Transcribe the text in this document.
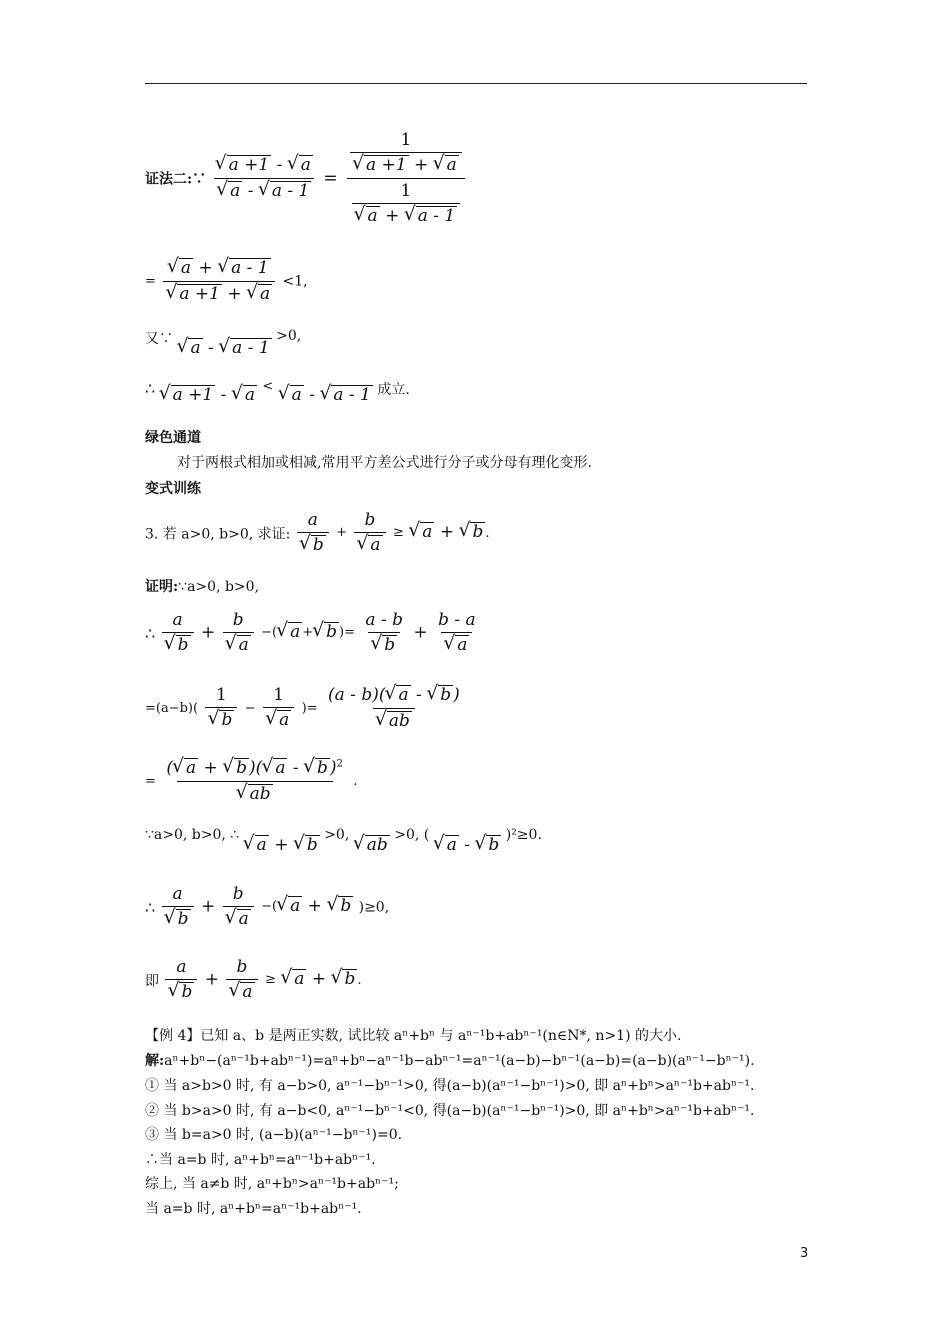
证法二:∵ √ a +1 - √ a
√ a - √ a - 1 = 1
√ a +1 + √ a
1
√ a + √ a - 1
= √ a + √ a - 1
√ a +1 + √ a <1,
又∵ √ a - √ a - 1 >0,
∴ √ a +1 - √ a < √ a - √ a - 1 成立.
绿色通道
对于两根式相加或相减,常用平方差公式进行分子或分母有理化变形.
变式训练
3. 若 a>0, b>0, 求证: a
√ b + b
√ a ≥ √ a + √ b .
证明:∵a>0, b>0,
∴ a
√ b + b
√ a −( √ a + √ b )= a - b
√ b + b - a
√ a
=(a−b)( 1
√ b − 1
√ a )= (a - b)( √ a - √ b )
√ ab
= ( √ a + √ b )( √ a - √ b )$^2$
√ ab .
∵a>0, b>0, ∴ √ a + √ b >0, √ ab >0, ( √ a - √ b )²≥0.
∴ a
√ b + b
√ a −( √ a + √ b )≥0,
即 a
√ b + b
√ a ≥ √ a + √ b .
【例 4】已知 a、b 是两正实数, 试比较 aⁿ+bⁿ 与 aⁿ⁻¹b+abⁿ⁻¹(n∈N*, n>1) 的大小.
解:aⁿ+bⁿ−(aⁿ⁻¹b+abⁿ⁻¹)=aⁿ+bⁿ−aⁿ⁻¹b−abⁿ⁻¹=aⁿ⁻¹(a−b)−bⁿ⁻¹(a−b)=(a−b)(aⁿ⁻¹−bⁿ⁻¹).
① 当 a>b>0 时, 有 a−b>0, aⁿ⁻¹−bⁿ⁻¹>0, 得(a−b)(aⁿ⁻¹−bⁿ⁻¹)>0, 即 aⁿ+bⁿ>aⁿ⁻¹b+abⁿ⁻¹.
② 当 b>a>0 时, 有 a−b<0, aⁿ⁻¹−bⁿ⁻¹<0, 得(a−b)(aⁿ⁻¹−bⁿ⁻¹)>0, 即 aⁿ+bⁿ>aⁿ⁻¹b+abⁿ⁻¹.
③ 当 b=a>0 时, (a−b)(aⁿ⁻¹−bⁿ⁻¹)=0.
∴当 a=b 时, aⁿ+bⁿ=aⁿ⁻¹b+abⁿ⁻¹.
综上, 当 a≠b 时, aⁿ+bⁿ>aⁿ⁻¹b+abⁿ⁻¹;
当 a=b 时, aⁿ+bⁿ=aⁿ⁻¹b+abⁿ⁻¹.
3
